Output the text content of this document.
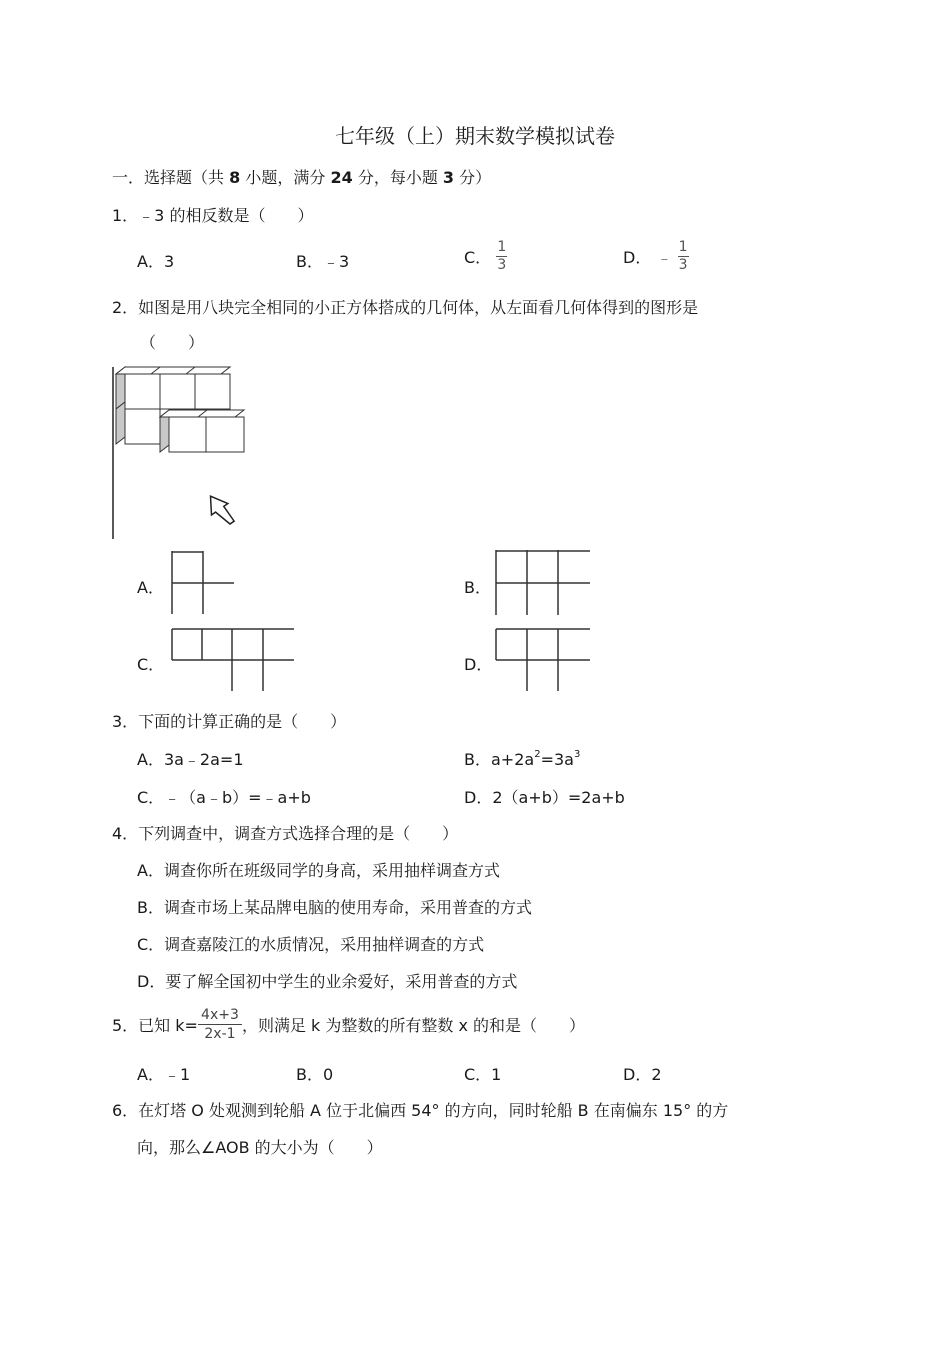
七年级（上）期末数学模拟试卷
一．选择题（共 8 小题，满分 24 分，每小题 3 分）
1．﹣3 的相反数是（　　）
A．3	B．﹣3	C． $\frac{1}{3}$	D． ﹣ $\frac{1}{3}$
2．如图是用八块完全相同的小正方体搭成的几何体，从左面看几何体得到的图形是
（　　）
A．	B．
C．	D．
3．下面的计算正确的是（　　）
A．3a﹣2a=1	B．$a+2a^2=3a^3$
C．﹣（a﹣b）=﹣a+b	D．2（a+b）=2a+b
4．下列调查中，调查方式选择合理的是（　　）
A．调查你所在班级同学的身高，采用抽样调查方式
B．调查市场上某品牌电脑的使用寿命，采用普查的方式
C．调查嘉陵江的水质情况，采用抽样调查的方式
D．要了解全国初中学生的业余爱好，采用普查的方式
5．已知 $k= \frac{4x+3}{2x-1}$ ，则满足 k 为整数的所有整数 x 的和是（　　）
A．﹣1	B．0	C．1	D．2
6．在灯塔 O 处观测到轮船 A 位于北偏西 54° 的方向，同时轮船 B 在南偏东 15° 的方
向，那么∠AOB 的大小为（　　）
